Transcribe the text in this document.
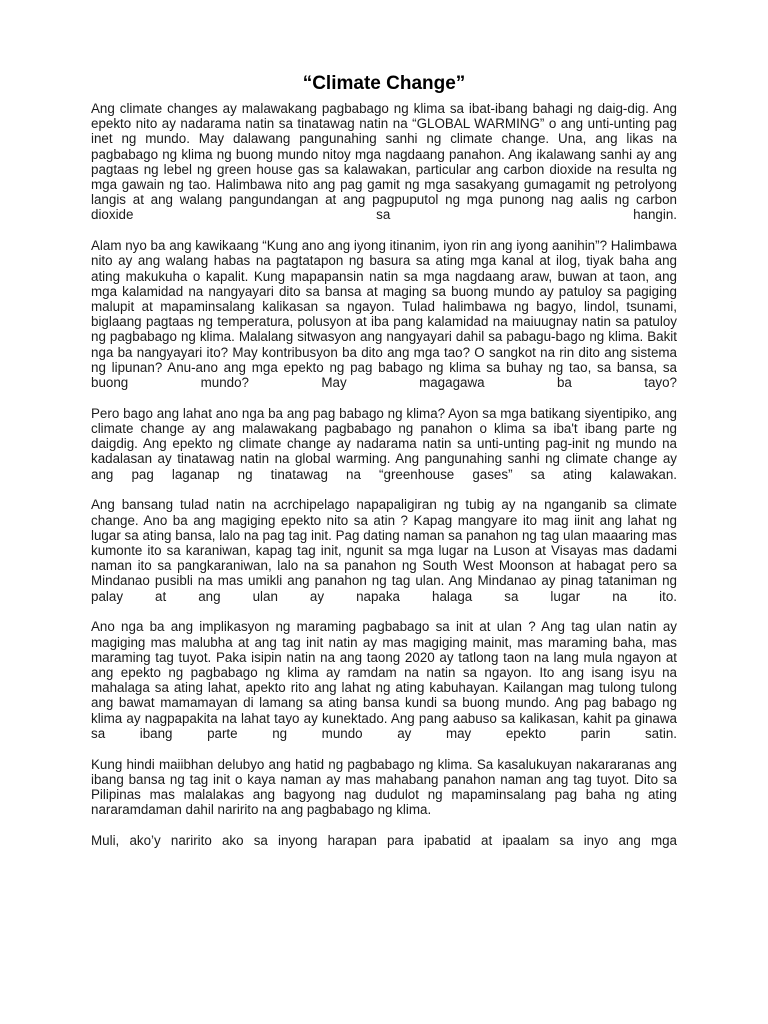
“Climate Change”

Ang climate changes ay malawakang pagbabago ng klima sa ibat-ibang bahagi ng daig-dig. Ang epekto nito ay nadarama natin sa tinatawag natin na “GLOBAL WARMING” o ang unti-unting pag inet ng mundo. May dalawang pangunahing sanhi ng climate change. Una, ang likas na pagbabago ng klima ng buong mundo nitoy mga nagdaang panahon. Ang ikalawang sanhi ay ang pagtaas ng lebel ng green house gas sa kalawakan, particular ang carbon dioxide na resulta ng mga gawain ng tao. Halimbawa nito ang pag gamit ng mga sasakyang gumagamit ng petrolyong langis at ang walang pangundangan at ang pagpuputol ng mga punong nag aalis ng carbon dioxide sa hangin.

Alam nyo ba ang kawikaang “Kung ano ang iyong itinanim, iyon rin ang iyong aanihin”? Halimbawa nito ay ang walang habas na pagtatapon ng basura sa ating mga kanal at ilog, tiyak baha ang ating makukuha o kapalit. Kung mapapansin natin sa mga nagdaang araw, buwan at taon, ang mga kalamidad na nangyayari dito sa bansa at maging sa buong mundo ay patuloy sa pagiging malupit at mapaminsalang kalikasan sa ngayon. Tulad halimbawa ng bagyo, lindol, tsunami, biglaang pagtaas ng temperatura, polusyon at iba pang kalamidad na maiuugnay natin sa patuloy ng pagbabago ng klima. Malalang sitwasyon ang nangyayari dahil sa pabagu-bago ng klima. Bakit nga ba nangyayari ito? May kontribusyon ba dito ang mga tao? O sangkot na rin dito ang sistema ng lipunan? Anu-ano ang mga epekto ng pag babago ng klima sa buhay ng tao, sa bansa, sa buong mundo? May magagawa ba tayo?

Pero bago ang lahat ano nga ba ang pag babago ng klima? Ayon sa mga batikang siyentipiko, ang climate change ay ang malawakang pagbabago ng panahon o klima sa iba't ibang parte ng daigdig. Ang epekto ng climate change ay nadarama natin sa unti-unting pag-init ng mundo na kadalasan ay tinatawag natin na global warming. Ang pangunahing sanhi ng climate change ay ang pag laganap ng tinatawag na “greenhouse gases” sa ating kalawakan.

Ang bansang tulad natin na acrchipelago napapaligiran ng tubig ay na nganganib sa climate change. Ano ba ang magiging epekto nito sa atin ? Kapag mangyare ito mag iinit ang lahat ng lugar sa ating bansa, lalo na pag tag init. Pag dating naman sa panahon ng tag ulan maaaring mas kumonte ito sa karaniwan, kapag tag init, ngunit sa mga lugar na Luson at Visayas mas dadami naman ito sa pangkaraniwan, lalo na sa panahon ng South West Moonson at habagat pero sa Mindanao pusibli na mas umikli ang panahon ng tag ulan. Ang Mindanao ay pinag tataniman ng palay at ang ulan ay napaka halaga sa lugar na ito.

Ano nga ba ang implikasyon ng maraming pagbabago sa init at ulan ? Ang tag ulan natin ay magiging mas malubha at ang tag init natin ay mas magiging mainit, mas maraming baha, mas maraming tag tuyot. Paka isipin natin na ang taong 2020 ay tatlong taon na lang mula ngayon at ang epekto ng pagbabago ng klima ay ramdam na natin sa ngayon. Ito ang isang isyu na mahalaga sa ating lahat, apekto rito ang lahat ng ating kabuhayan. Kailangan mag tulong tulong ang bawat mamamayan di lamang sa ating bansa kundi sa buong mundo. Ang pag babago ng klima ay nagpapakita na lahat tayo ay kunektado. Ang pang aabuso sa kalikasan, kahit pa ginawa sa ibang parte ng mundo ay may epekto parin satin.

Kung hindi maiibhan delubyo ang hatid ng pagbabago ng klima. Sa kasalukuyan nakararanas ang ibang bansa ng tag init o kaya naman ay mas mahabang panahon naman ang tag tuyot. Dito sa Pilipinas mas malalakas ang bagyong nag dudulot ng mapaminsalang pag baha ng ating nararamdaman dahil naririto na ang pagbabago ng klima.

Muli, ako’y naririto ako sa inyong harapan para ipabatid at ipaalam sa inyo ang mga
